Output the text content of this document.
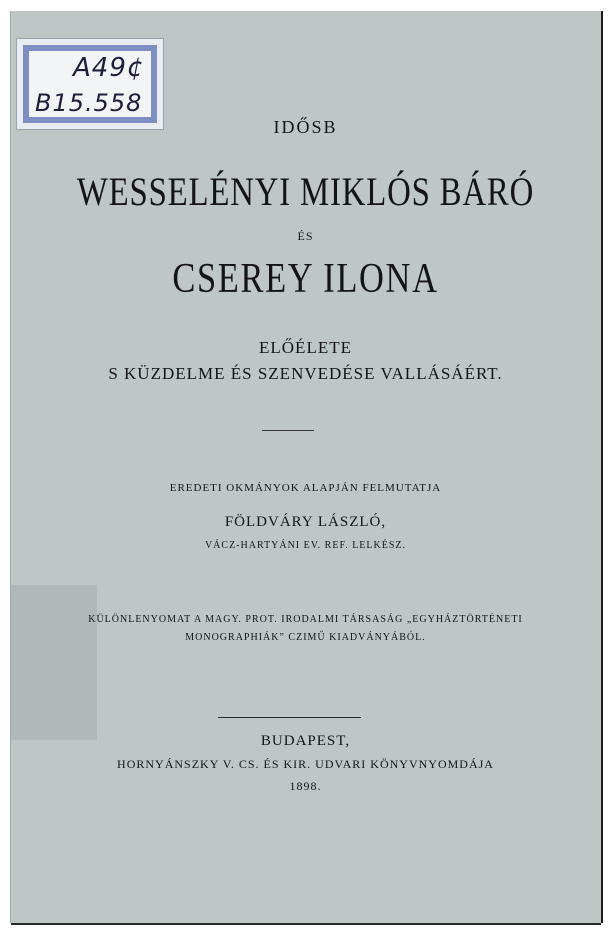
A49¢
B15.558
IDŐSB
WESSELÉNYI MIKLÓS BÁRÓ
ÉS
CSEREY ILONA
ELŐÉLETE
S KÜZDELME ÉS SZENVEDÉSE VALLÁSÁÉRT.
EREDETI OKMÁNYOK ALAPJÁN FELMUTATJA
FÖLDVÁRY LÁSZLÓ,
VÁCZ-HARTYÁNI EV. REF. LELKÉSZ.
KÜLÖNLENYOMAT A MAGY. PROT. IRODALMI TÁRSASÁG „EGYHÁZTÖRTÉNETI
MONOGRAPHIÁK” CZIMŰ KIADVÁNYÁBÓL.
BUDAPEST,
HORNYÁNSZKY V. CS. ÉS KIR. UDVARI KÖNYVNYOMDÁJA
1898.
